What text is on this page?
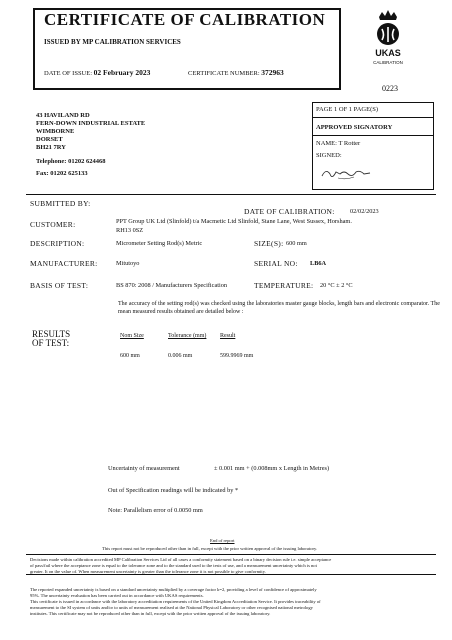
CERTIFICATE OF CALIBRATION
ISSUED BY MP CALIBRATION SERVICES
DATE OF ISSUE: 02 February 2023	CERTIFICATE NUMBER: 372963
UKAS
CALIBRATION
0223
43 HAVILAND RD
FERN-DOWN INDUSTRIAL ESTATE
WIMBORNE
DORSET
BH21 7RY
Telephone: 01202 624468
Fax: 01202 625133
PAGE 1 OF 1 PAGE(S)
APPROVED SIGNATORY
NAME: T Rotter
SIGNED:
SUBMITTED BY:
DATE OF CALIBRATION: 02/02/2023
CUSTOMER:	PPT Group UK Ltd (Slinfold) t/a Macmetic Ltd Slinfold, Stane Lane, West Sussex, Horsham.
RH13 0SZ
DESCRIPTION:	Micrometer Setting Rod(s) Metric	SIZE(S): 600 mm
MANUFACTURER:	Mitutoyo	SERIAL NO: LB6A
BASIS OF TEST:	BS 870: 2008 / Manufacturers Specification	TEMPERATURE: 20 °C ± 2 °C
RESULTS
OF TEST:
The accuracy of the setting rod(s) was checked using the laboratories master gauge blocks, length bars and electronic comparator. The mean measured results obtained are detailed below :
Nom Size	Tolerance (mm) Result
600 mm	0.006 mm	599.9969 mm
Uncertainty of measurement	± 0.001 mm + (0.008mm x Length in Metres)
Out of Specification readings will be indicated by *
Note: Parallelism error of 0.0050 mm
End of report
This report must not be reproduced other than in full, except with the prior written approval of the issuing laboratory.
Decisions made within calibration accredited MP Calibration Services Ltd of all cases a conformity statement based on a binary decision rule i.e. simple acceptance
of pass/fail where the acceptance zone is equal to the tolerance zone and to the standard used to the tests of use, and a measurement uncertainty which is not
greater. It on the value of. When measurement uncertainty is greater than the tolerance zone it is not possible to give conformity.
The reported expanded uncertainty is based on a standard uncertainty multiplied by a coverage factor k=2, providing a level of confidence of approximately
95%. The uncertainty evaluation has been carried out in accordance with UKAS requirements.
This certificate is issued in accordance with the laboratory accreditation requirements of the United Kingdom Accreditation Service. It provides traceability of
measurement to the SI system of units and/or to units of measurement realised at the National Physical Laboratory or other recognised national metrology
institutes. This certificate may not be reproduced other than in full, except with the prior written approval of the issuing laboratory.
